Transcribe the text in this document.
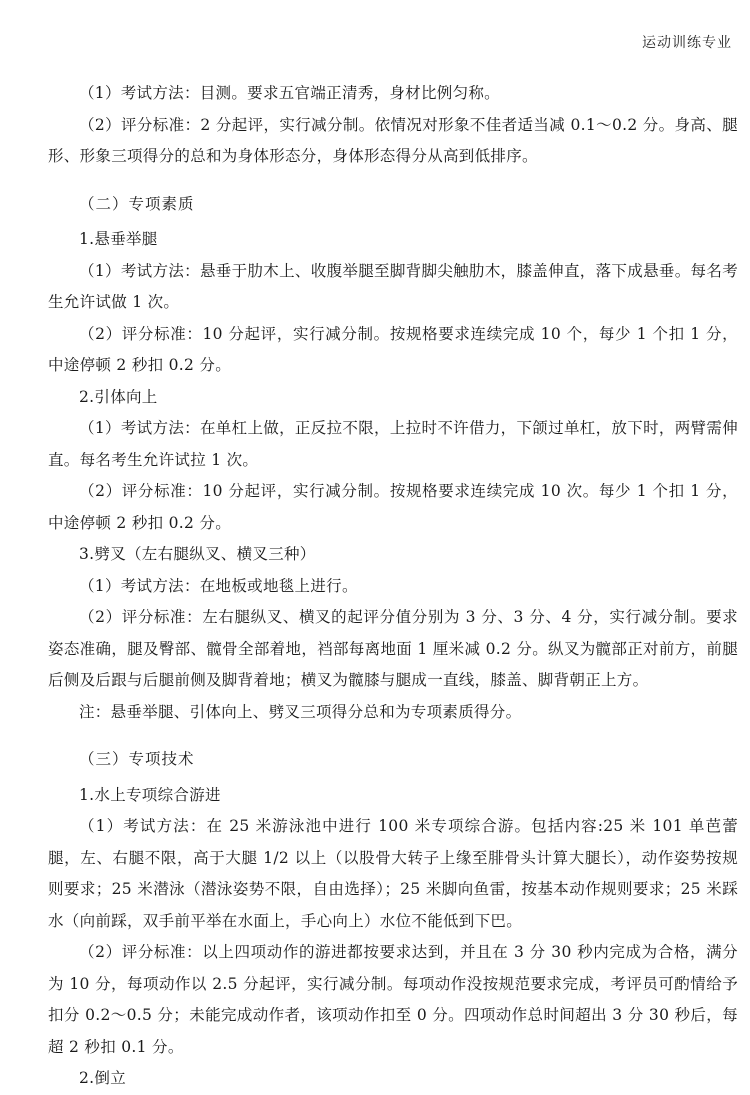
运动训练专业

（1）考试方法：目测。要求五官端正清秀，身材比例匀称。

（2）评分标准：2 分起评，实行减分制。依情况对形象不佳者适当减 0.1～0.2 分。身高、腿形、形象三项得分的总和为身体形态分，身体形态得分从高到低排序。

（二）专项素质

1.悬垂举腿

（1）考试方法：悬垂于肋木上、收腹举腿至脚背脚尖触肋木，膝盖伸直，落下成悬垂。每名考生允许试做 1 次。

（2）评分标准：10 分起评，实行减分制。按规格要求连续完成 10 个，每少 1 个扣 1 分，中途停顿 2 秒扣 0.2 分。

2.引体向上

（1）考试方法：在单杠上做，正反拉不限，上拉时不许借力，下颌过单杠，放下时，两臂需伸直。每名考生允许试拉 1 次。

（2）评分标准：10 分起评，实行减分制。按规格要求连续完成 10 次。每少 1 个扣 1 分，中途停顿 2 秒扣 0.2 分。

3.劈叉（左右腿纵叉、横叉三种）

（1）考试方法：在地板或地毯上进行。

（2）评分标准：左右腿纵叉、横叉的起评分值分别为 3 分、3 分、4 分，实行减分制。要求姿态准确，腿及臀部、髋骨全部着地，裆部每离地面 1 厘米减 0.2 分。纵叉为髋部正对前方，前腿后侧及后跟与后腿前侧及脚背着地；横叉为髋膝与腿成一直线，膝盖、脚背朝正上方。

注：悬垂举腿、引体向上、劈叉三项得分总和为专项素质得分。

（三）专项技术

1.水上专项综合游进

（1）考试方法：在 25 米游泳池中进行 100 米专项综合游。包括内容:25 米 101 单芭蕾腿，左、右腿不限，高于大腿 1/2 以上（以股骨大转子上缘至腓骨头计算大腿长），动作姿势按规则要求；25 米潜泳（潜泳姿势不限，自由选择）；25 米脚向鱼雷，按基本动作规则要求；25 米踩水（向前踩，双手前平举在水面上，手心向上）水位不能低到下巴。

（2）评分标准：以上四项动作的游进都按要求达到，并且在 3 分 30 秒内完成为合格，满分为 10 分，每项动作以 2.5 分起评，实行减分制。每项动作没按规范要求完成，考评员可酌情给予扣分 0.2～0.5 分；未能完成动作者，该项动作扣至 0 分。四项动作总时间超出 3 分 30 秒后，每超 2 秒扣 0.1 分。

2.倒立
